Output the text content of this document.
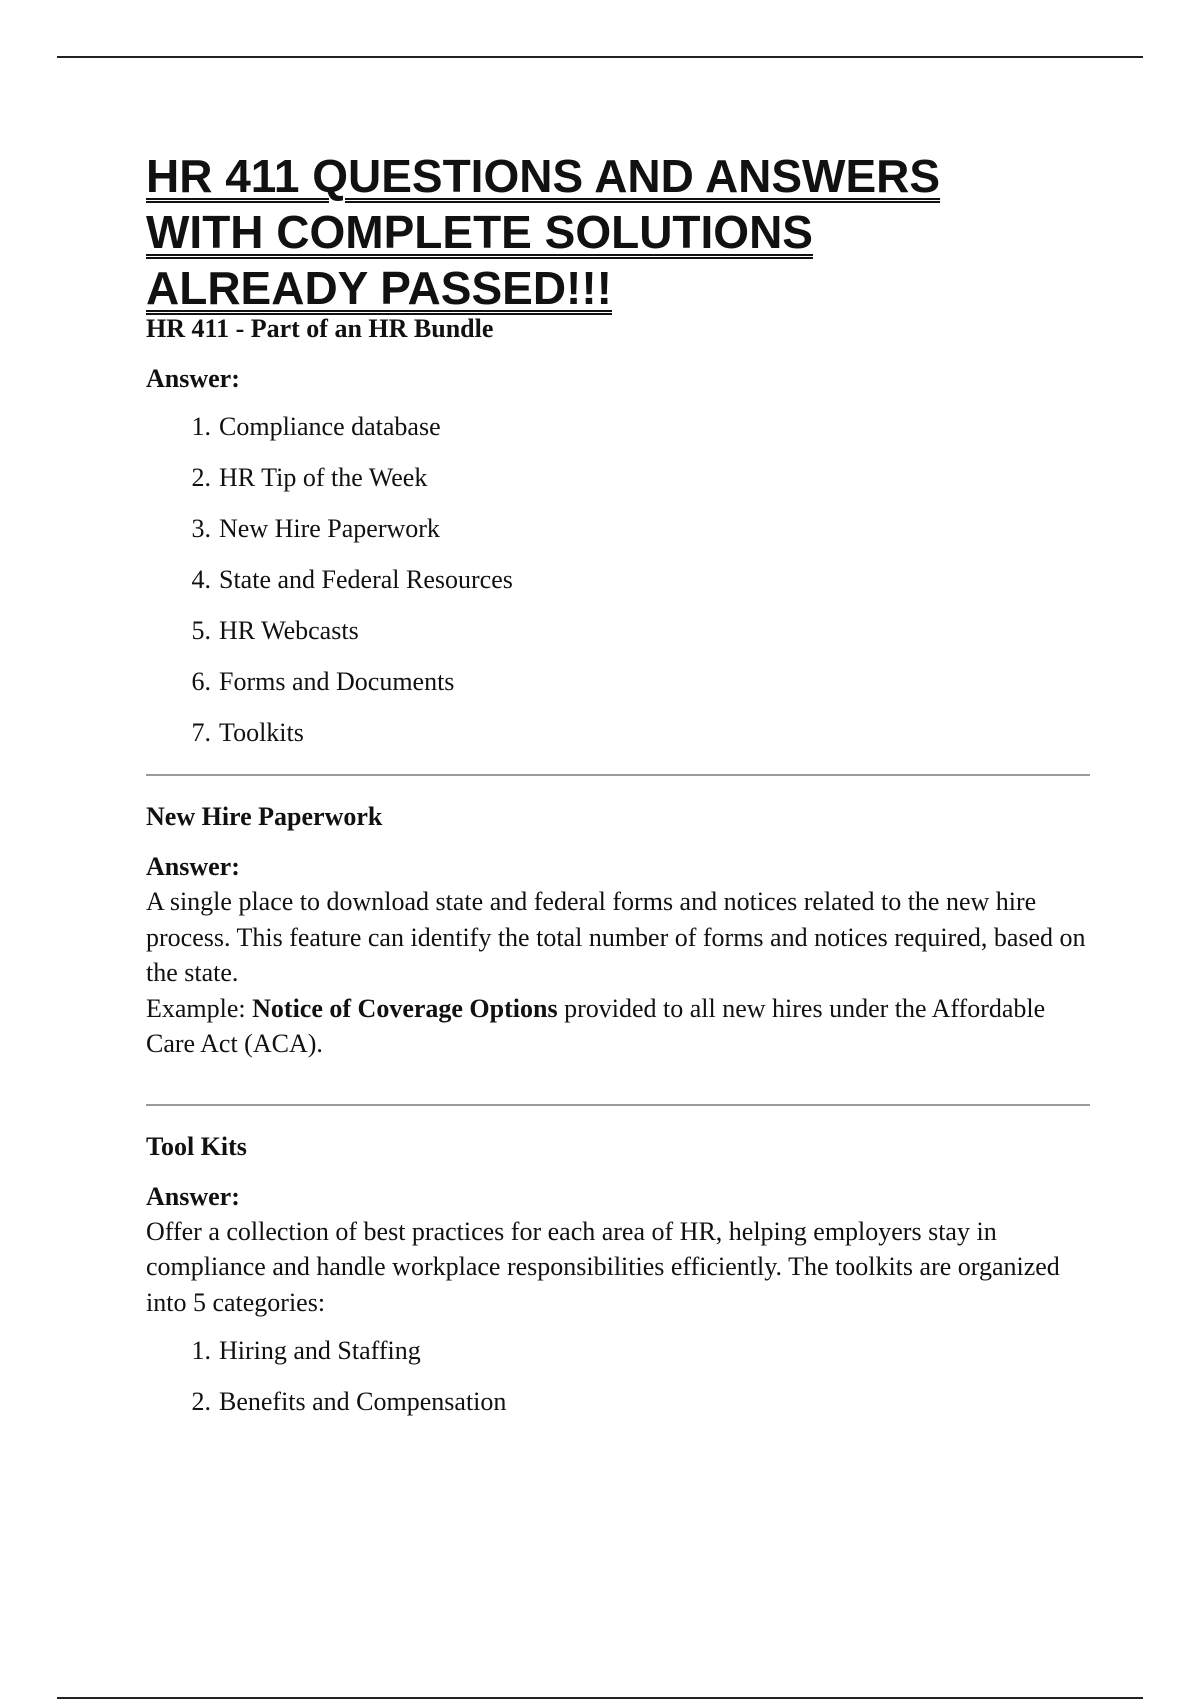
HR 411 QUESTIONS AND ANSWERS WITH COMPLETE SOLUTIONS ALREADY PASSED!!!

HR 411 - Part of an HR Bundle

Answer:

1. Compliance database
2. HR Tip of the Week
3. New Hire Paperwork
4. State and Federal Resources
5. HR Webcasts
6. Forms and Documents
7. Toolkits

New Hire Paperwork

Answer:

A single place to download state and federal forms and notices related to the new hire process. This feature can identify the total number of forms and notices required, based on the state.

Example: Notice of Coverage Options provided to all new hires under the Affordable Care Act (ACA).

Tool Kits

Answer:

Offer a collection of best practices for each area of HR, helping employers stay in compliance and handle workplace responsibilities efficiently. The toolkits are organized into 5 categories:

1. Hiring and Staffing
2. Benefits and Compensation
